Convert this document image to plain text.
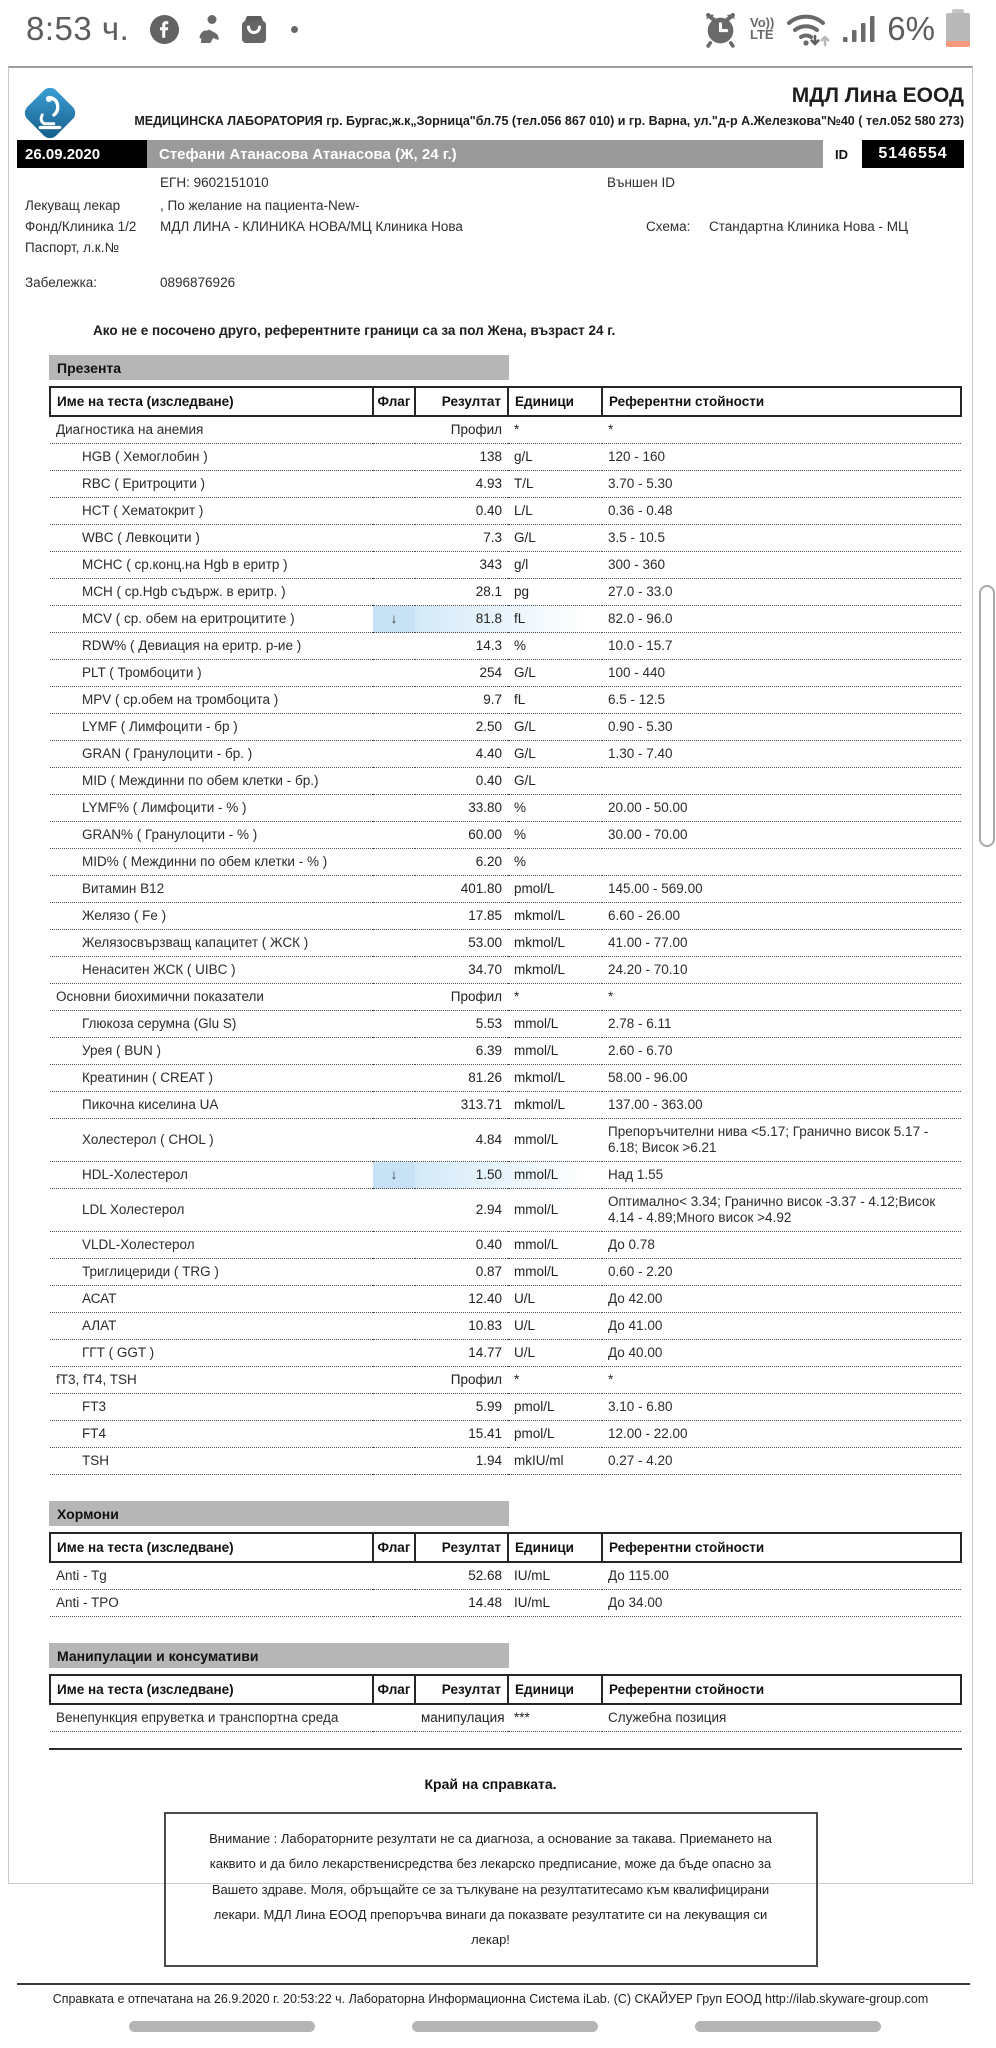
8:53 ч.	Vo))
LTE	6%
МДЛ Лина ЕООД
МЕДИЦИНСКА ЛАБОРАТОРИЯ гр. Бургас,ж.к„Зорница"бл.75 (тел.056 867 010) и гр. Варна, ул."д-р А.Железкова"№40 ( тел.052 580 273)
26.09.2020	Стефани Атанасова Атанасова (Ж, 24 г.)	ID	5146554
ЕГН: 9602151010	Външен ID
Лекуващ лекар	, По желание на пациента-New-
Фонд/Клиника 1/2 МДЛ ЛИНА - КЛИНИКА НОВА/МЦ Клиника Нова	Схема: Стандартна Клиника Нова - МЦ
Паспорт, л.к.№
Забележка:	0896876926
Ако не е посочено друго, референтните граници са за пол Жена, възраст 24 г.
Презента
Име на теста (изследване)	Флаг	Резултат	Единици	Референтни стойности
Диагностика на анемия		Профил	*	*
HGB ( Хемоглобин )		138	g/L	120 - 160
RBC ( Еритроцити )		4.93	T/L	3.70 - 5.30
HCT ( Хематокрит )		0.40	L/L	0.36 - 0.48
WBC ( Левкоцити )		7.3	G/L	3.5 - 10.5
MCHC ( ср.конц.на Hgb в еритр )		343	g/l	300 - 360
MCH ( ср.Hgb съдърж. в еритр. )		28.1	pg	27.0 - 33.0
MCV ( ср. обем на еритроцитите )	↓	81.8	fL	82.0 - 96.0
RDW% ( Девиация на еритр. р-ие )		14.3	%	10.0 - 15.7
PLT ( Тромбоцити )		254	G/L	100 - 440
MPV ( ср.обем на тромбоцита )		9.7	fL	6.5 - 12.5
LYMF ( Лимфоцити - бр )		2.50	G/L	0.90 - 5.30
GRAN ( Гранулоцити - бр. )		4.40	G/L	1.30 - 7.40
MID ( Междинни по обем клетки - бр.)		0.40	G/L	
LYMF% ( Лимфоцити - % )		33.80	%	20.00 - 50.00
GRAN% ( Гранулоцити - % )		60.00	%	30.00 - 70.00
MID% ( Междинни по обем клетки - % )		6.20	%	
Витамин B12		401.80	pmol/L	145.00 - 569.00
Желязо ( Fe )		17.85	mkmol/L	6.60 - 26.00
Желязосвързващ капацитет ( ЖСК )		53.00	mkmol/L	41.00 - 77.00
Ненаситен ЖСК ( UIBC )		34.70	mkmol/L	24.20 - 70.10
Основни биохимични показатели		Профил	*	*
Глюкоза серумна (Glu S)		5.53	mmol/L	2.78 - 6.11
Урея ( BUN )		6.39	mmol/L	2.60 - 6.70
Креатинин ( CREAT )		81.26	mkmol/L	58.00 - 96.00
Пикочна киселина UA		313.71	mkmol/L	137.00 - 363.00
Холестерол ( CHOL )		4.84	mmol/L	Препоръчителни нива <5.17; Гранично висок 5.17 - 6.18; Висок >6.21
HDL-Холестерол	↓	1.50	mmol/L	Над 1.55
LDL Холестерол		2.94	mmol/L	Оптимално< 3.34; Гранично висок -3.37 - 4.12;Висок 4.14 - 4.89;Много висок >4.92
VLDL-Холестерол		0.40	mmol/L	До 0.78
Триглицериди ( TRG )		0.87	mmol/L	0.60 - 2.20
АСАТ		12.40	U/L	До 42.00
АЛАТ		10.83	U/L	До 41.00
ГГТ ( GGT )		14.77	U/L	До 40.00
fT3, fT4, TSH		Профил	*	*
FT3		5.99	pmol/L	3.10 - 6.80
FT4		15.41	pmol/L	12.00 - 22.00
TSH		1.94	mkIU/ml	0.27 - 4.20
Хормони
Име на теста (изследване)	Флаг	Резултат	Единици	Референтни стойности
Anti - Tg		52.68	IU/mL	До 115.00
Anti - TPO		14.48	IU/mL	До 34.00
Манипулации и консумативи
Име на теста (изследване)	Флаг	Резултат	Единици	Референтни стойности
Венепункция епруветка и транспортна среда		манипулация	***	Служебна позиция
Край на справката.
Внимание : Лабораторните резултати не са диагноза, а основание за такава. Приемането на каквито и да било лекарственисредства без лекарско предписание, може да бъде опасно за Вашето здраве. Моля, обръщайте се за тълкуване на резултатитесамо към квалифицирани лекари. МДЛ Лина ЕООД препоръчва винаги да показвате резултатите си на лекуващия си лекар!
Справката е отпечатана на 26.9.2020 г. 20:53:22 ч. Лабораторна Информационна Система iLab. (C) СКАЙУЕР Груп ЕООД http://ilab.skyware-group.com
